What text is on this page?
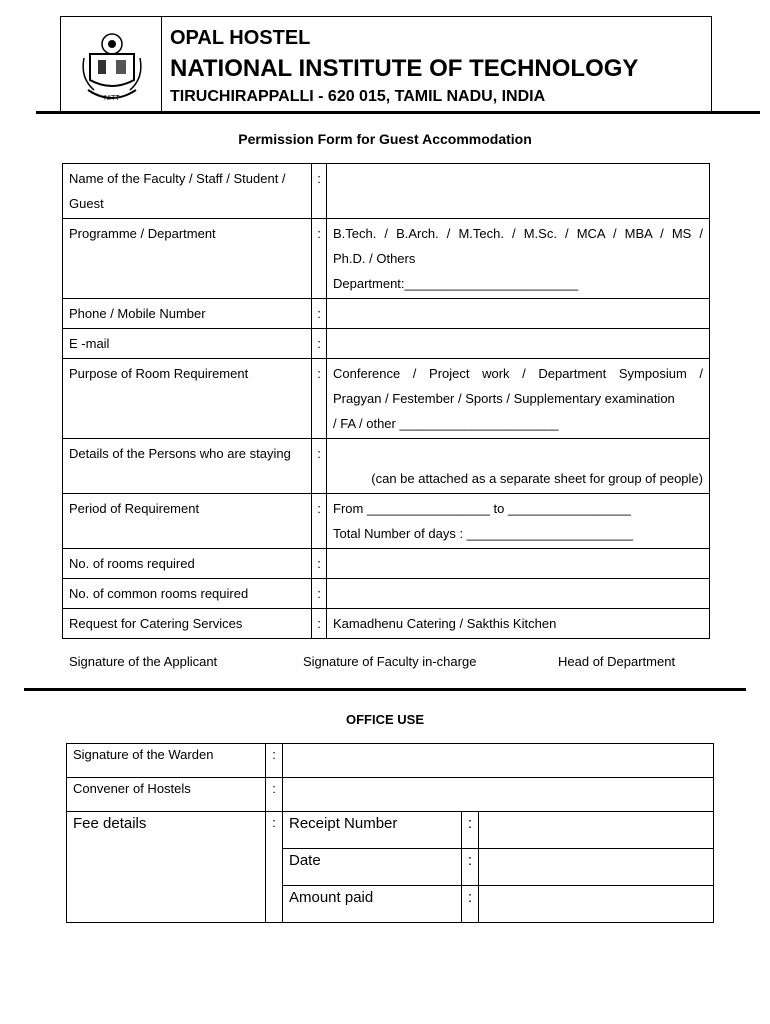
NITT
OPAL HOSTEL
NATIONAL INSTITUTE OF TECHNOLOGY
TIRUCHIRAPPALLI - 620 015, TAMIL NADU, INDIA
Permission Form for Guest Accommodation
Name of the Faculty / Staff / Student / Guest	:	
Programme / Department	:	B.Tech. / B.Arch. / M.Tech. / M.Sc. / MCA / MBA / MS /
Ph.D. / Others
Department:________________________

Phone / Mobile Number	:	
E -mail	:	
Purpose of Room Requirement	:	Conference / Project work / Department Symposium /
Pragyan / Festember / Sports / Supplementary examination
/ FA / other ______________________

Details of the Persons who are staying	:	(can be attached as a separate sheet for group of people)

Period of Requirement	:	From _________________ to _________________
Total Number of days : _______________________

No. of rooms required	:	
No. of common rooms required	:	
Request for Catering Services	:	Kamadhenu Catering / Sakthis Kitchen
Signature of the Applicant	Signature of Faculty in-charge	Head of Department
OFFICE USE
Signature of the Warden	:	
Convener of Hostels	:	
Fee details	:	Receipt Number	:	
Date	:	
Amount paid	:	
